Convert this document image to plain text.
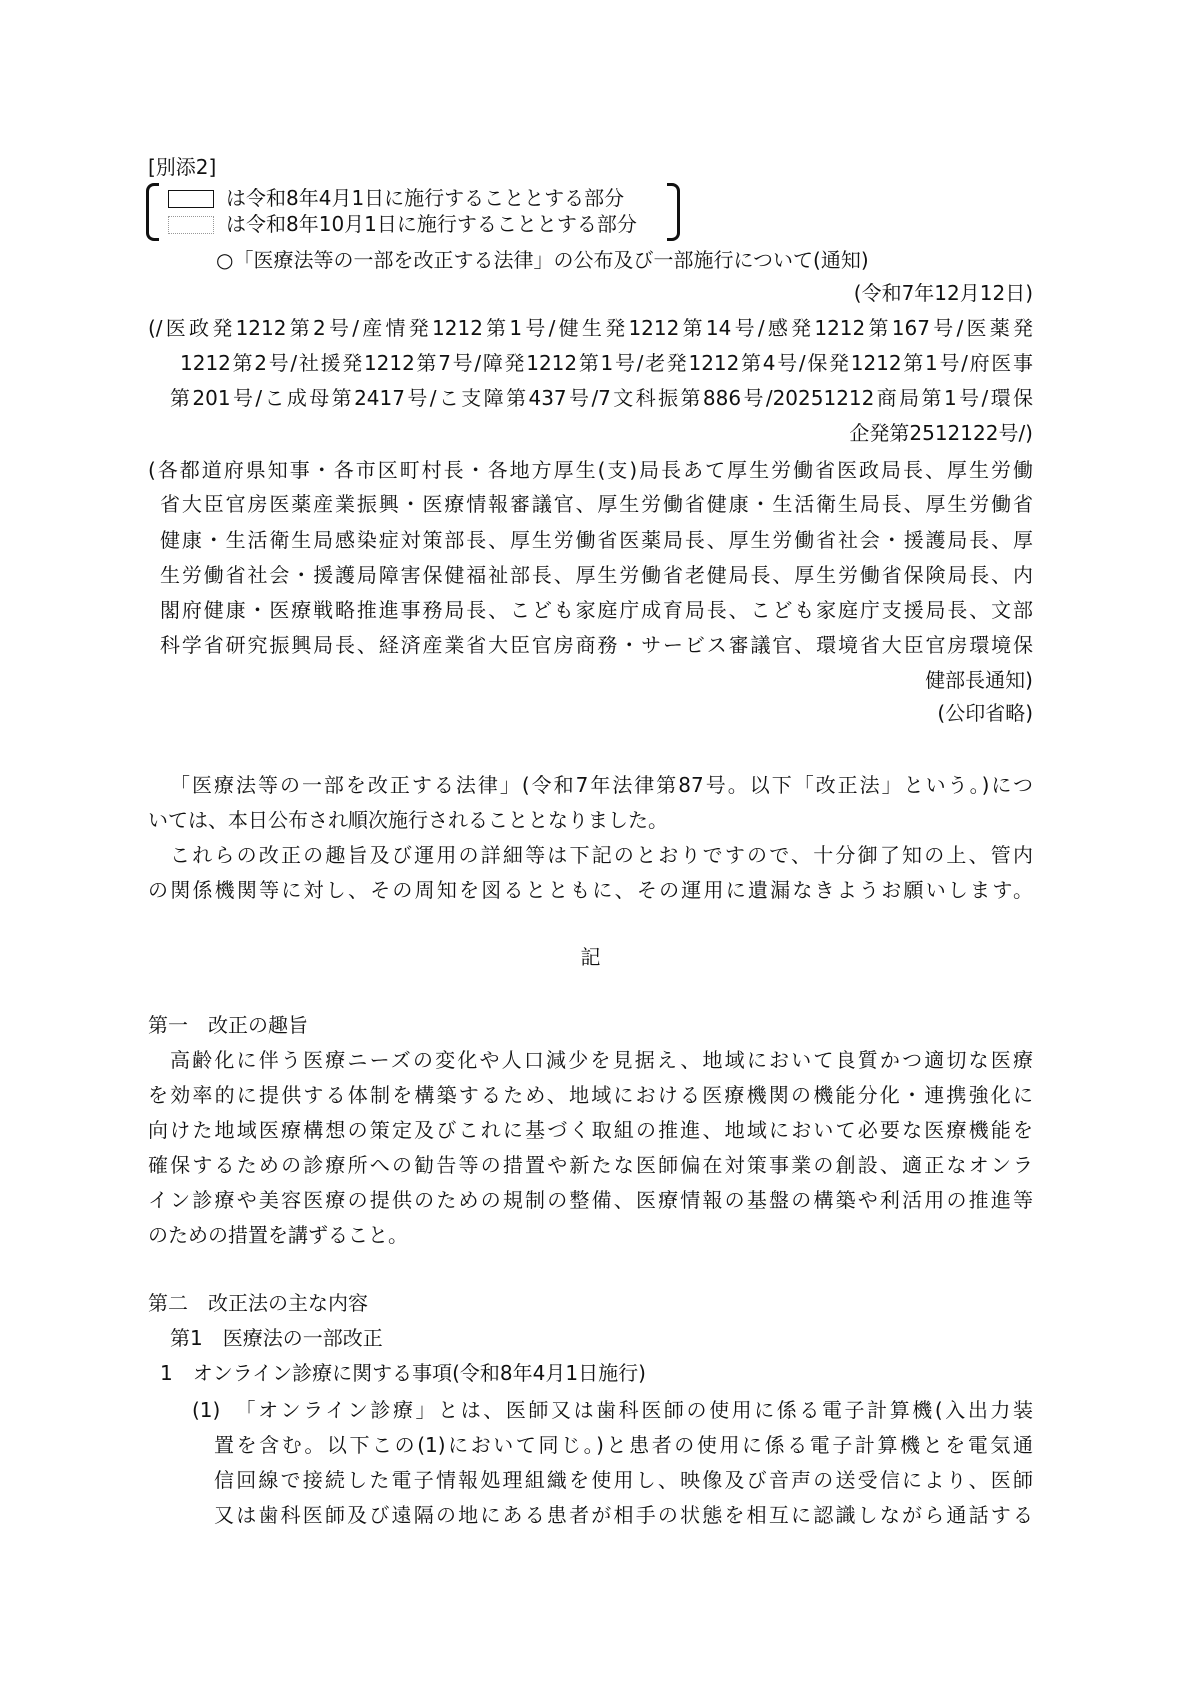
[別添2]
は令和8年4月1日に施行することとする部分
は令和8年10月1日に施行することとする部分
○「医療法等の一部を改正する法律」の公布及び一部施行について(通知)
(令和7年12月12日)
(/医政発1212第2号/産情発1212第1号/健生発1212第14号/感発1212第167号/医薬発
1212第2号/社援発1212第7号/障発1212第1号/老発1212第4号/保発1212第1号/府医事
第201号/こ成母第2417号/こ支障第437号/7文科振第886号/20251212商局第1号/環保
企発第2512122号/)
(各都道府県知事・各市区町村長・各地方厚生(支)局長あて厚生労働省医政局長、厚生労働
省大臣官房医薬産業振興・医療情報審議官、厚生労働省健康・生活衛生局長、厚生労働省
健康・生活衛生局感染症対策部長、厚生労働省医薬局長、厚生労働省社会・援護局長、厚
生労働省社会・援護局障害保健福祉部長、厚生労働省老健局長、厚生労働省保険局長、内
閣府健康・医療戦略推進事務局長、こども家庭庁成育局長、こども家庭庁支援局長、文部
科学省研究振興局長、経済産業省大臣官房商務・サービス審議官、環境省大臣官房環境保
健部長通知)
(公印省略)
「医療法等の一部を改正する法律」(令和7年法律第87号。以下「改正法」という。)につ
いては、本日公布され順次施行されることとなりました。
これらの改正の趣旨及び運用の詳細等は下記のとおりですので、十分御了知の上、管内
の関係機関等に対し、その周知を図るとともに、その運用に遺漏なきようお願いします。
記
第一　改正の趣旨
高齢化に伴う医療ニーズの変化や人口減少を見据え、地域において良質かつ適切な医療
を効率的に提供する体制を構築するため、地域における医療機関の機能分化・連携強化に
向けた地域医療構想の策定及びこれに基づく取組の推進、地域において必要な医療機能を
確保するための診療所への勧告等の措置や新たな医師偏在対策事業の創設、適正なオンラ
イン診療や美容医療の提供のための規制の整備、医療情報の基盤の構築や利活用の推進等
のための措置を講ずること。
第二　改正法の主な内容
第1　医療法の一部改正
1　オンライン診療に関する事項(令和8年4月1日施行)
(1)　「オンライン診療」とは、医師又は歯科医師の使用に係る電子計算機(入出力装
置を含む。以下この(1)において同じ。)と患者の使用に係る電子計算機とを電気通
信回線で接続した電子情報処理組織を使用し、映像及び音声の送受信により、医師
又は歯科医師及び遠隔の地にある患者が相手の状態を相互に認識しながら通話する
